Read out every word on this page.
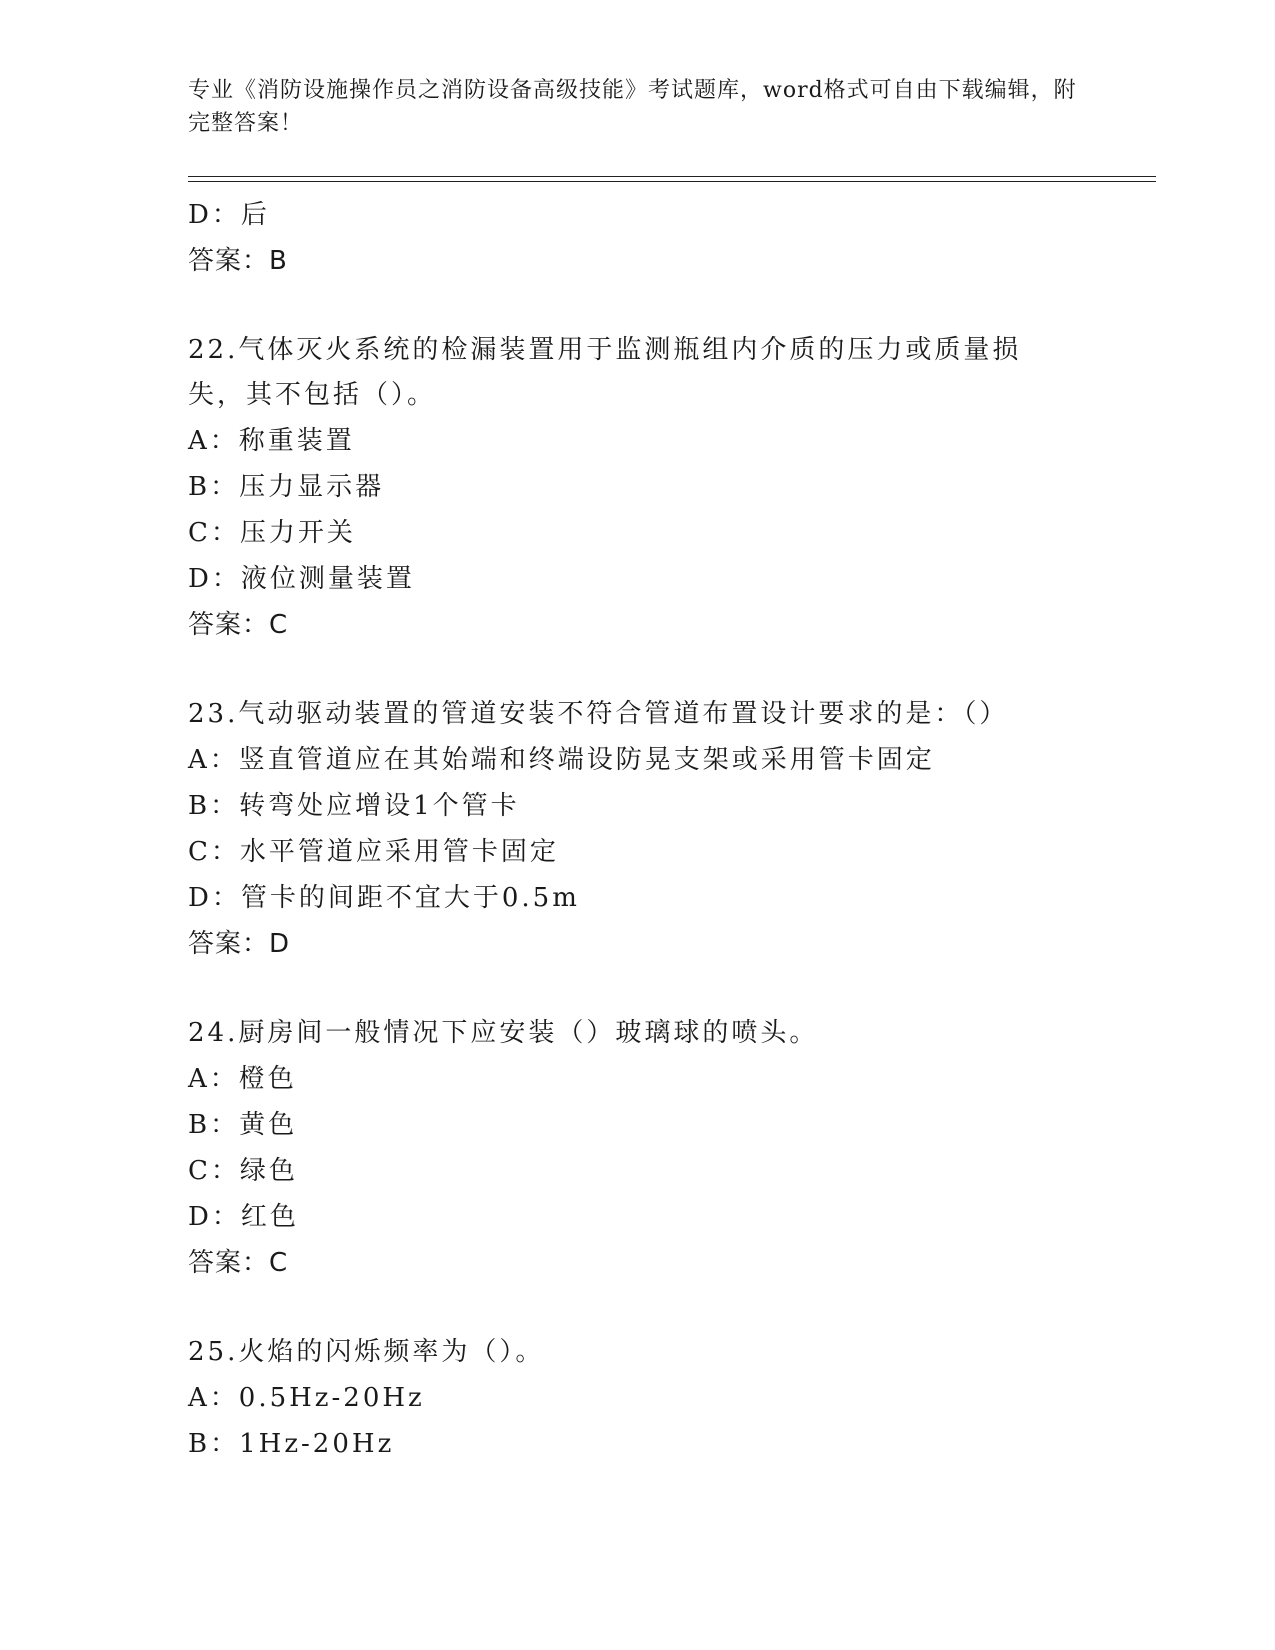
专业《消防设施操作员之消防设备高级技能》考试题库，word格式可自由下载编辑，附完整答案！
D：后
答案：B
22.气体灭火系统的检漏装置用于监测瓶组内介质的压力或质量损失，其不包括（）。
A：称重装置
B：压力显示器
C：压力开关
D：液位测量装置
答案：C
23.气动驱动装置的管道安装不符合管道布置设计要求的是：（）
A：竖直管道应在其始端和终端设防晃支架或采用管卡固定
B：转弯处应增设1个管卡
C：水平管道应采用管卡固定
D：管卡的间距不宜大于0.5m
答案：D
24.厨房间一般情况下应安装（）玻璃球的喷头。
A：橙色
B：黄色
C：绿色
D：红色
答案：C
25.火焰的闪烁频率为（）。
A：0.5Hz-20Hz
B：1Hz-20Hz
